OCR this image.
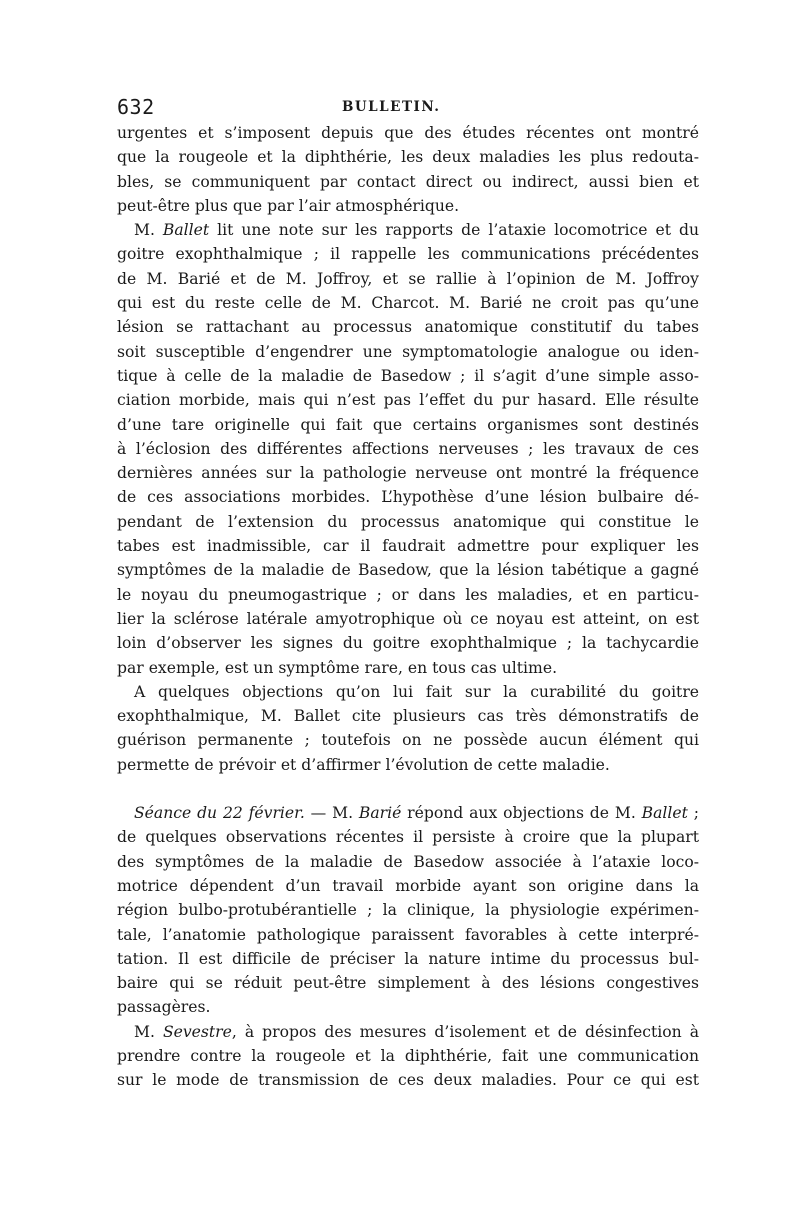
632	BULLETIN.
urgentes et s’imposent depuis que des études récentes ont montré
que la rougeole et la diphthérie, les deux maladies les plus redouta-
bles, se communiquent par contact direct ou indirect, aussi bien et
peut-être plus que par l’air atmosphérique.
M. Ballet lit une note sur les rapports de l’ataxie locomotrice et du
goitre exophthalmique ; il rappelle les communications précédentes
de M. Barié et de M. Joffroy, et se rallie à l’opinion de M. Joffroy
qui est du reste celle de M. Charcot. M. Barié ne croit pas qu’une
lésion se rattachant au processus anatomique constitutif du tabes
soit susceptible d’engendrer une symptomatologie analogue ou iden-
tique à celle de la maladie de Basedow ; il s’agit d’une simple asso-
ciation morbide, mais qui n’est pas l’effet du pur hasard. Elle résulte
d’une tare originelle qui fait que certains organismes sont destinés
à l’éclosion des différentes affections nerveuses ; les travaux de ces
dernières années sur la pathologie nerveuse ont montré la fréquence
de ces associations morbides. L’hypothèse d’une lésion bulbaire dé-
pendant de l’extension du processus anatomique qui constitue le
tabes est inadmissible, car il faudrait admettre pour expliquer les
symptômes de la maladie de Basedow, que la lésion tabétique a gagné
le noyau du pneumogastrique ; or dans les maladies, et en particu-
lier la sclérose latérale amyotrophique où ce noyau est atteint, on est
loin d’observer les signes du goitre exophthalmique ; la tachycardie
par exemple, est un symptôme rare, en tous cas ultime.
A quelques objections qu’on lui fait sur la curabilité du goitre
exophthalmique, M. Ballet cite plusieurs cas très démonstratifs de
guérison permanente ; toutefois on ne possède aucun élément qui
permette de prévoir et d’affirmer l’évolution de cette maladie.
Séance du 22 février. — M. Barié répond aux objections de M. Ballet ;
de quelques observations récentes il persiste à croire que la plupart
des symptômes de la maladie de Basedow associée à l’ataxie loco-
motrice dépendent d’un travail morbide ayant son origine dans la
région bulbo-protubérantielle ; la clinique, la physiologie expérimen-
tale, l’anatomie pathologique paraissent favorables à cette interpré-
tation. Il est difficile de préciser la nature intime du processus bul-
baire qui se réduit peut-être simplement à des lésions congestives
passagères.
M. Sevestre, à propos des mesures d’isolement et de désinfection à
prendre contre la rougeole et la diphthérie, fait une communication
sur le mode de transmission de ces deux maladies. Pour ce qui est
